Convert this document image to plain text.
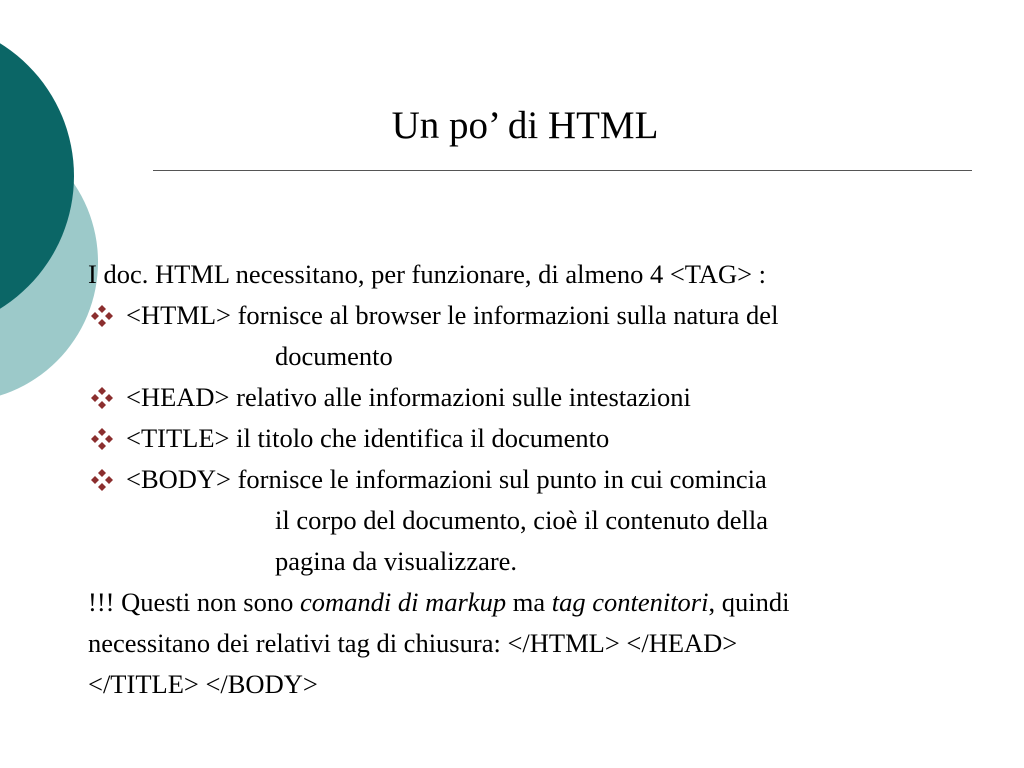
Un po’ di HTML
I doc. HTML necessitano, per funzionare, di almeno 4 <TAG> :
<HTML> fornisce al browser le informazioni sulla natura del
documento
<HEAD> relativo alle informazioni sulle intestazioni
<TITLE> il titolo che identifica il documento
<BODY> fornisce le informazioni sul punto in cui comincia
il corpo del documento, cioè il contenuto della
pagina da visualizzare.
!!! Questi non sono comandi di markup ma tag contenitori, quindi
necessitano dei relativi tag di chiusura: </HTML> </HEAD>
</TITLE> </BODY>
